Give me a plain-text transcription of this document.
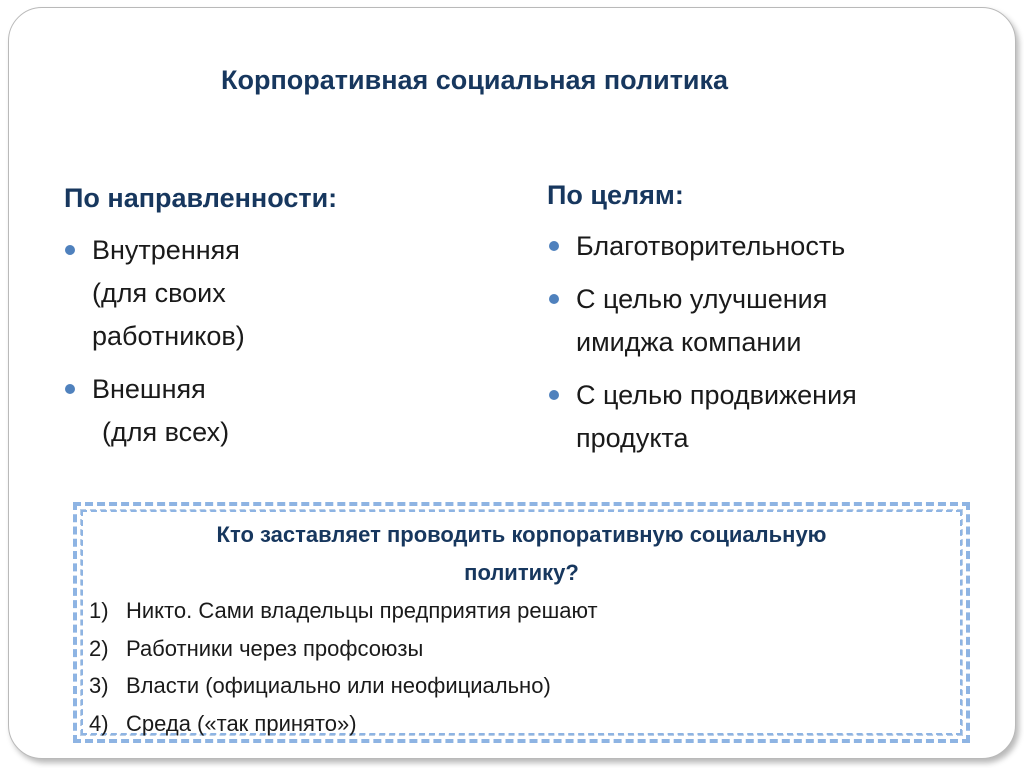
Корпоративная социальная политика
По направленности:
Внутренняя
(для своих
работников)
Внешняя
(для всех)
По целям:
Благотворительность
С целью улучшения
имиджа компании
С целью продвижения
продукта
Кто заставляет проводить корпоративную социальную
политику?
1) Никто. Сами владельцы предприятия решают
2) Работники через профсоюзы
3) Власти (официально или неофициально)
4) Среда («так принято»)
